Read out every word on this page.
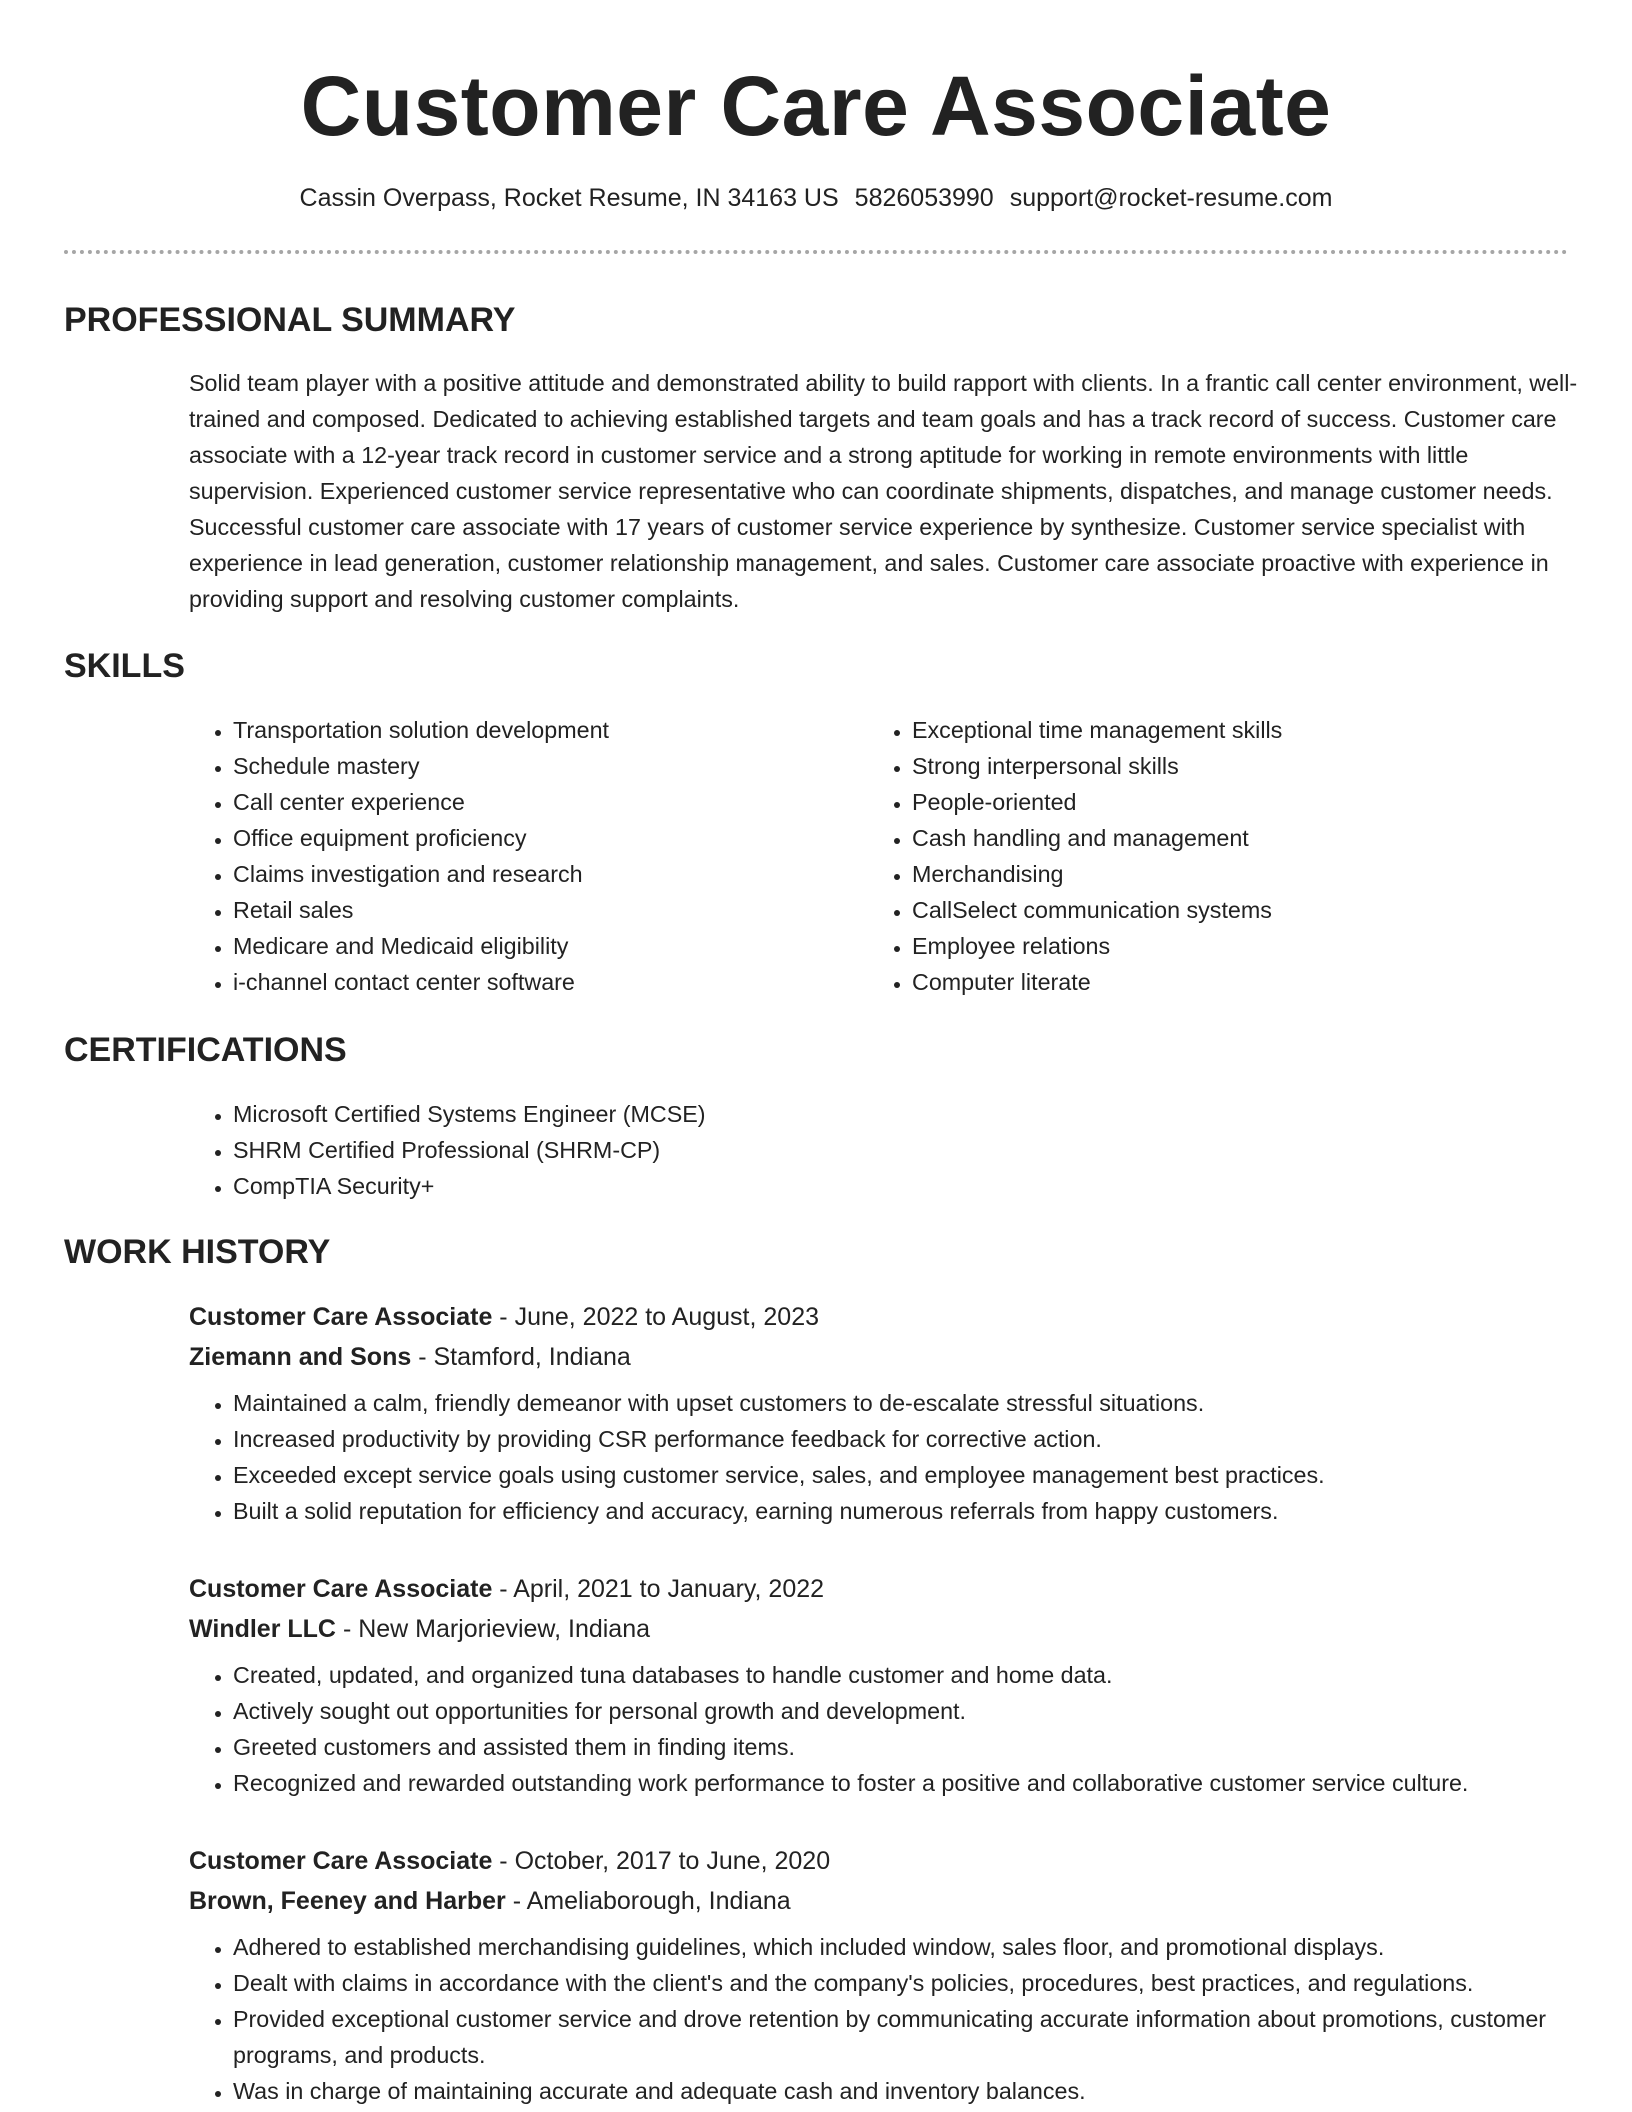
Customer Care Associate
Cassin Overpass, Rocket Resume, IN 34163 US 5826053990 support@rocket-resume.com
PROFESSIONAL SUMMARY

Solid team player with a positive attitude and demonstrated ability to build rapport with clients. In a frantic call center environment, well-trained and composed. Dedicated to achieving established targets and team goals and has a track record of success. Customer care associate with a 12-year track record in customer service and a strong aptitude for working in remote environments with little supervision. Experienced customer service representative who can coordinate shipments, dispatches, and manage customer needs. Successful customer care associate with 17 years of customer service experience by synthesize. Customer service specialist with experience in lead generation, customer relationship management, and sales. Customer care associate proactive with experience in providing support and resolving customer complaints.

SKILLS
• Transportation solution development
• Schedule mastery
• Call center experience
• Office equipment proficiency
• Claims investigation and research
• Retail sales
• Medicare and Medicaid eligibility
• i-channel contact center software
• Exceptional time management skills
• Strong interpersonal skills
• People-oriented
• Cash handling and management
• Merchandising
• CallSelect communication systems
• Employee relations
• Computer literate
CERTIFICATIONS
• Microsoft Certified Systems Engineer (MCSE)
• SHRM Certified Professional (SHRM-CP)
• CompTIA Security+
WORK HISTORY

Customer Care Associate - June, 2022 to August, 2023

Ziemann and Sons - Stamford, Indiana

• Maintained a calm, friendly demeanor with upset customers to de-escalate stressful situations.
• Increased productivity by providing CSR performance feedback for corrective action.
• Exceeded except service goals using customer service, sales, and employee management best practices.
• Built a solid reputation for efficiency and accuracy, earning numerous referrals from happy customers.

Customer Care Associate - April, 2021 to January, 2022

Windler LLC - New Marjorieview, Indiana

• Created, updated, and organized tuna databases to handle customer and home data.
• Actively sought out opportunities for personal growth and development.
• Greeted customers and assisted them in finding items.
• Recognized and rewarded outstanding work performance to foster a positive and collaborative customer service culture.

Customer Care Associate - October, 2017 to June, 2020

Brown, Feeney and Harber - Ameliaborough, Indiana

• Adhered to established merchandising guidelines, which included window, sales floor, and promotional displays.
• Dealt with claims in accordance with the client's and the company's policies, procedures, best practices, and regulations.
• Provided exceptional customer service and drove retention by communicating accurate information about promotions, customer programs, and products.
• Was in charge of maintaining accurate and adequate cash and inventory balances.
